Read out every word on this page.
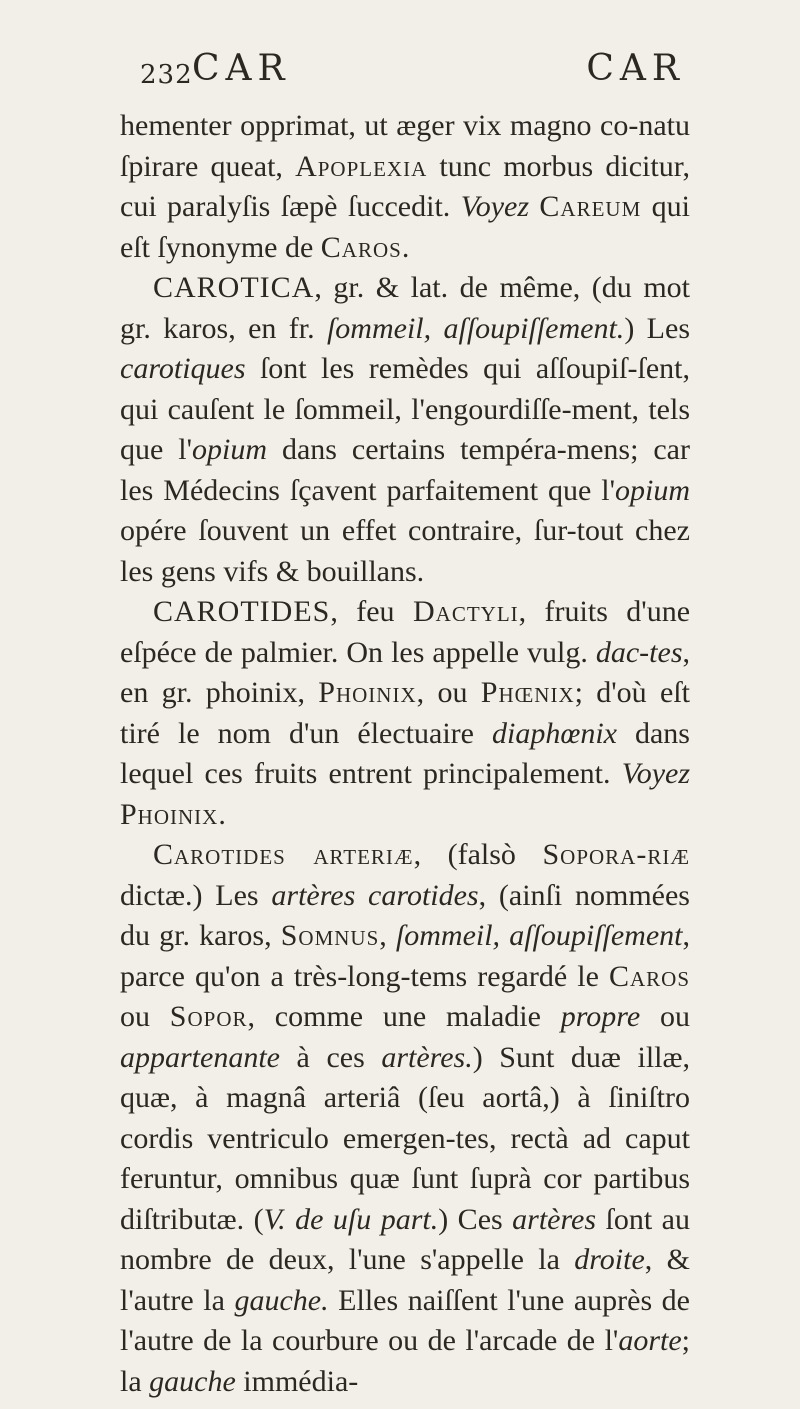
232 CAR	CAR

hementer opprimat, ut æger vix magno co-natu ſpirare queat, Apoplexia tunc morbus dicitur, cui paralyſis ſæpè ſuccedit. Voyez Careum qui eſt ſynonyme de Caros.

CAROTICA, gr. & lat. de même, (du mot gr. karos, en fr. ſommeil, aſſoupiſſement.) Les carotiques ſont les remèdes qui aſſoupiſ-ſent, qui cauſent le ſommeil, l'engourdiſſe-ment, tels que l'opium dans certains tempéra-mens; car les Médecins ſçavent parfaitement que l'opium opére ſouvent un effet contraire, ſur-tout chez les gens vifs & bouillans.

CAROTIDES, feu Dactyli, fruits d'une eſpéce de palmier. On les appelle vulg. dac-tes, en gr. phoinix, Phoinix, ou Phœnix; d'où eſt tiré le nom d'un électuaire diaphœnix dans lequel ces fruits entrent principalement. Voyez Phoinix.

Carotides arteriæ, (falsò Sopora-riæ dictæ.) Les artères carotides, (ainſi nommées du gr. karos, Somnus, ſommeil, aſſoupiſſement, parce qu'on a très-long-tems regardé le Caros ou Sopor, comme une maladie propre ou appartenante à ces artères.) Sunt duæ illæ, quæ, à magnâ arteriâ (ſeu aortâ,) à ſiniſtro cordis ventriculo emergen-tes, rectà ad caput feruntur, omnibus quæ ſunt ſuprà cor partibus diſtributæ. (V. de uſu part.) Ces artères ſont au nombre de deux, l'une s'appelle la droite, & l'autre la gauche. Elles naiſſent l'une auprès de l'autre de la courbure ou de l'arcade de l'aorte; la gauche immédia-
